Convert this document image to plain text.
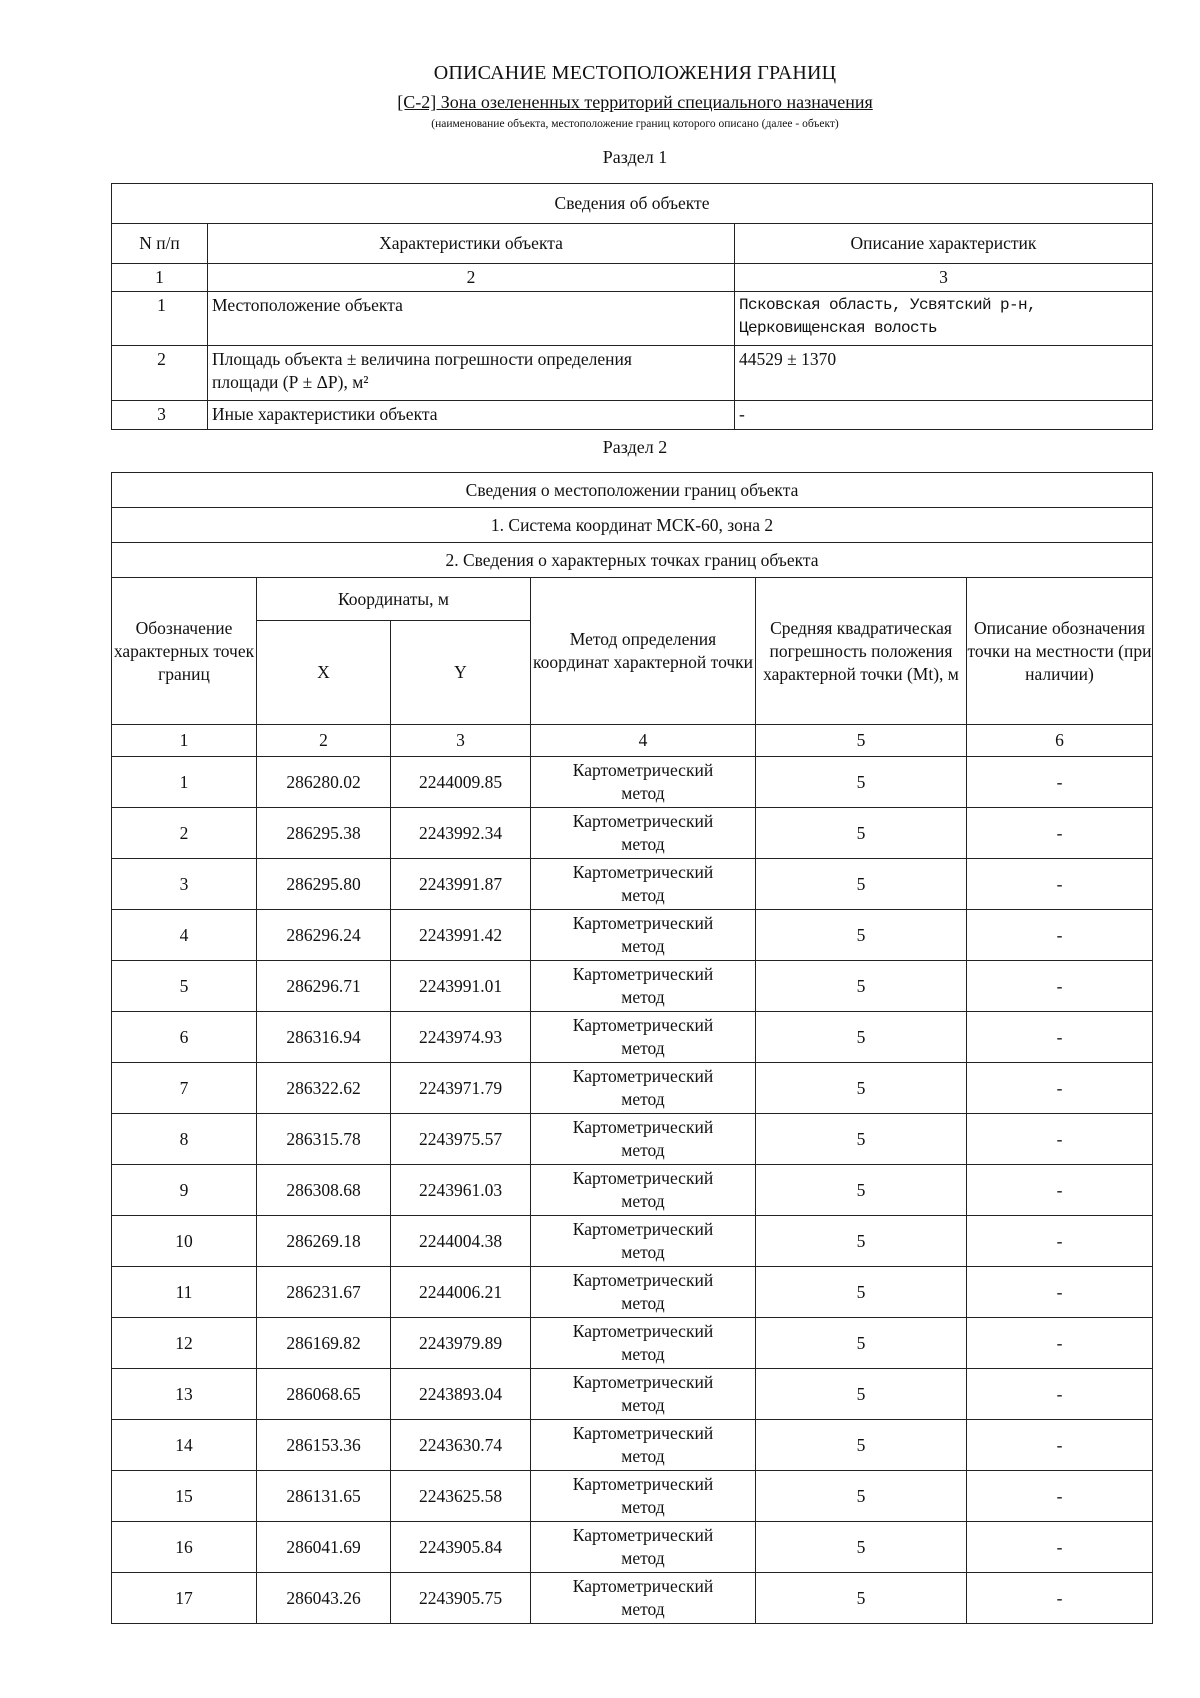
ОПИСАНИЕ МЕСТОПОЛОЖЕНИЯ ГРАНИЦ
[С-2] Зона озелененных территорий специального назначения
(наименование объекта, местоположение границ которого описано (далее - объект)
Раздел 1
Сведения об объекте		
N п/п	Характеристики объекта	Описание характеристик
1	2	3
1	Местоположение объекта	Псковская область, Усвятский р-н,
Церковищенская волость

2	Площадь объекта ± величина погрешности определения
площади (Р ± ΔР), м²	44529 ± 1370
3	Иные характеристики объекта	-
Раздел 2
Сведения о местоположении границ объекта					
1. Система координат МСК-60, зона 2					
2. Сведения о характерных точках границ объекта					
Обозначение характерных точек границ	Координаты, м		Метод определения координат характерной точки	Средняя квадратическая погрешность положения характерной точки (Mt), м	Описание обозначения точки на местности (при наличии)
	X	Y			
1	2	3	4	5	6
1	286280.02	2244009.85	Картометрический
метод	5	-
2	286295.38	2243992.34	Картометрический
метод	5	-
3	286295.80	2243991.87	Картометрический
метод	5	-
4	286296.24	2243991.42	Картометрический
метод	5	-
5	286296.71	2243991.01	Картометрический
метод	5	-
6	286316.94	2243974.93	Картометрический
метод	5	-
7	286322.62	2243971.79	Картометрический
метод	5	-
8	286315.78	2243975.57	Картометрический
метод	5	-
9	286308.68	2243961.03	Картометрический
метод	5	-
10	286269.18	2244004.38	Картометрический
метод	5	-
11	286231.67	2244006.21	Картометрический
метод	5	-
12	286169.82	2243979.89	Картометрический
метод	5	-
13	286068.65	2243893.04	Картометрический
метод	5	-
14	286153.36	2243630.74	Картометрический
метод	5	-
15	286131.65	2243625.58	Картометрический
метод	5	-
16	286041.69	2243905.84	Картометрический
метод	5	-
17	286043.26	2243905.75	Картометрический
метод	5	-
